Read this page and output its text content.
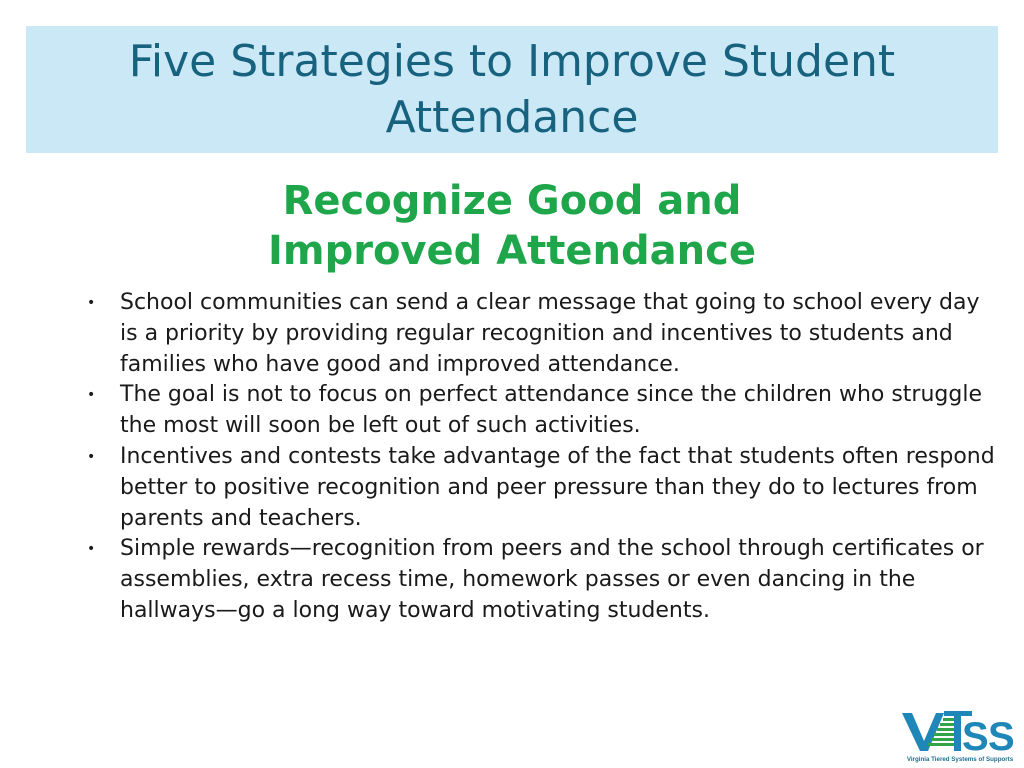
Five Strategies to Improve Student Attendance
Recognize Good and
Improved Attendance
• School communities can send a clear message that going to school every day is a priority by providing regular recognition and incentives to students and families who have good and improved attendance.
• The goal is not to focus on perfect attendance since the children who struggle the most will soon be left out of such activities.
• Incentives and contests take advantage of the fact that students often respond better to positive recognition and peer pressure than they do to lectures from parents and teachers.
• Simple rewards—recognition from peers and the school through certificates or assemblies, extra recess time, homework passes or even dancing in the hallways—go a long way toward motivating students.
S S
Virginia Tiered Systems of Supports
